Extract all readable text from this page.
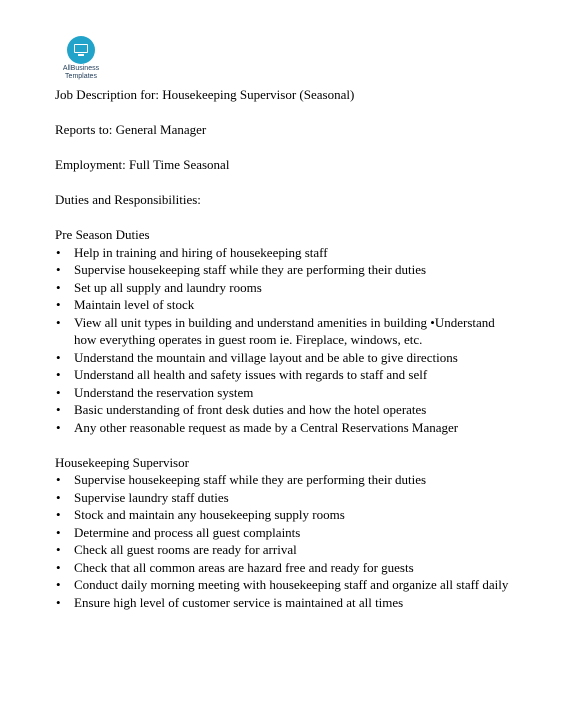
AllBusiness
Templates

Job Description for: Housekeeping Supervisor (Seasonal)

Reports to: General Manager

Employment: Full Time Seasonal

Duties and Responsibilities:

Pre Season Duties

• Help in training and hiring of housekeeping staff
• Supervise housekeeping staff while they are performing their duties
• Set up all supply and laundry rooms
• Maintain level of stock
• View all unit types in building and understand amenities in building •Understand how everything operates in guest room ie. Fireplace, windows, etc.
• Understand the mountain and village layout and be able to give directions
• Understand all health and safety issues with regards to staff and self
• Understand the reservation system
• Basic understanding of front desk duties and how the hotel operates
• Any other reasonable request as made by a Central Reservations Manager

Housekeeping Supervisor

• Supervise housekeeping staff while they are performing their duties
• Supervise laundry staff duties
• Stock and maintain any housekeeping supply rooms
• Determine and process all guest complaints
• Check all guest rooms are ready for arrival
• Check that all common areas are hazard free and ready for guests
• Conduct daily morning meeting with housekeeping staff and organize all staff daily
• Ensure high level of customer service is maintained at all times
